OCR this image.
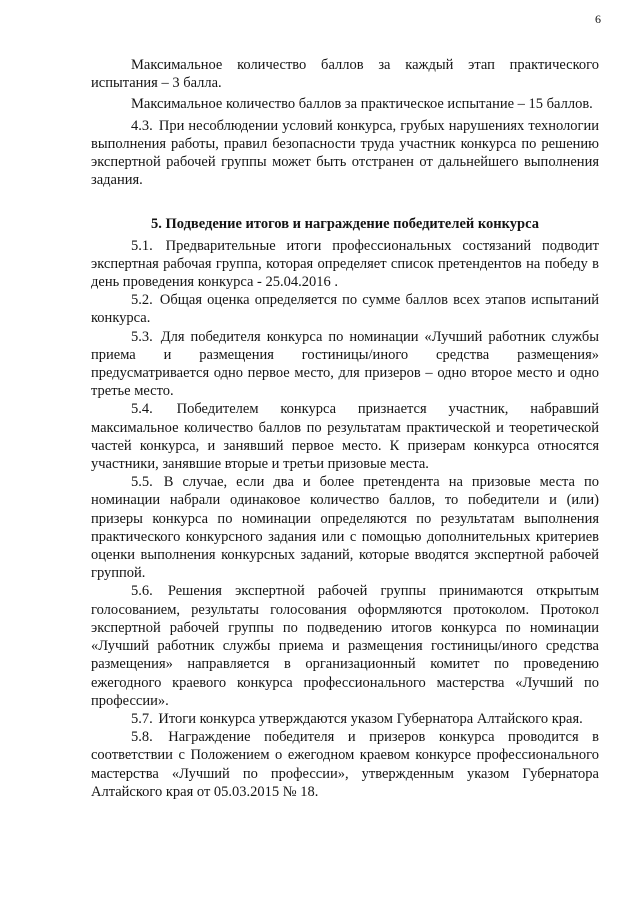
6

Максимальное количество баллов за каждый этап практического испытания – 3 балла.

Максимальное количество баллов за практическое испытание – 15 баллов.

4.3. При несоблюдении условий конкурса, грубых нарушениях технологии выполнения работы, правил безопасности труда участник конкурса по решению экспертной рабочей группы может быть отстранен от дальнейшего выполнения задания.

5. Подведение итогов и награждение победителей конкурса

5.1. Предварительные итоги профессиональных состязаний подводит экспертная рабочая группа, которая определяет список претендентов на победу в день проведения конкурса - 25.04.2016 .

5.2. Общая оценка определяется по сумме баллов всех этапов испытаний конкурса.

5.3. Для победителя конкурса по номинации «Лучший работник службы приема и размещения гостиницы/иного средства размещения» предусматривается одно первое место, для призеров – одно второе место и одно третье место.

5.4. Победителем конкурса признается участник, набравший максимальное количество баллов по результатам практической и теоретической частей конкурса, и занявший первое место. К призерам конкурса относятся участники, занявшие вторые и третьи призовые места.

5.5. В случае, если два и более претендента на призовые места по номинации набрали одинаковое количество баллов, то победители и (или) призеры конкурса по номинации определяются по результатам выполнения практического конкурсного задания или с помощью дополнительных критериев оценки выполнения конкурсных заданий, которые вводятся экспертной рабочей группой.

5.6. Решения экспертной рабочей группы принимаются открытым голосованием, результаты голосования оформляются протоколом. Протокол экспертной рабочей группы по подведению итогов конкурса по номинации «Лучший работник службы приема и размещения гостиницы/иного средства размещения» направляется в организационный комитет по проведению ежегодного краевого конкурса профессионального мастерства «Лучший по профессии».

5.7. Итоги конкурса утверждаются указом Губернатора Алтайского края.

5.8. Награждение победителя и призеров конкурса проводится в соответствии с Положением о ежегодном краевом конкурсе профессионального мастерства «Лучший по профессии», утвержденным указом Губернатора Алтайского края от 05.03.2015 № 18.
